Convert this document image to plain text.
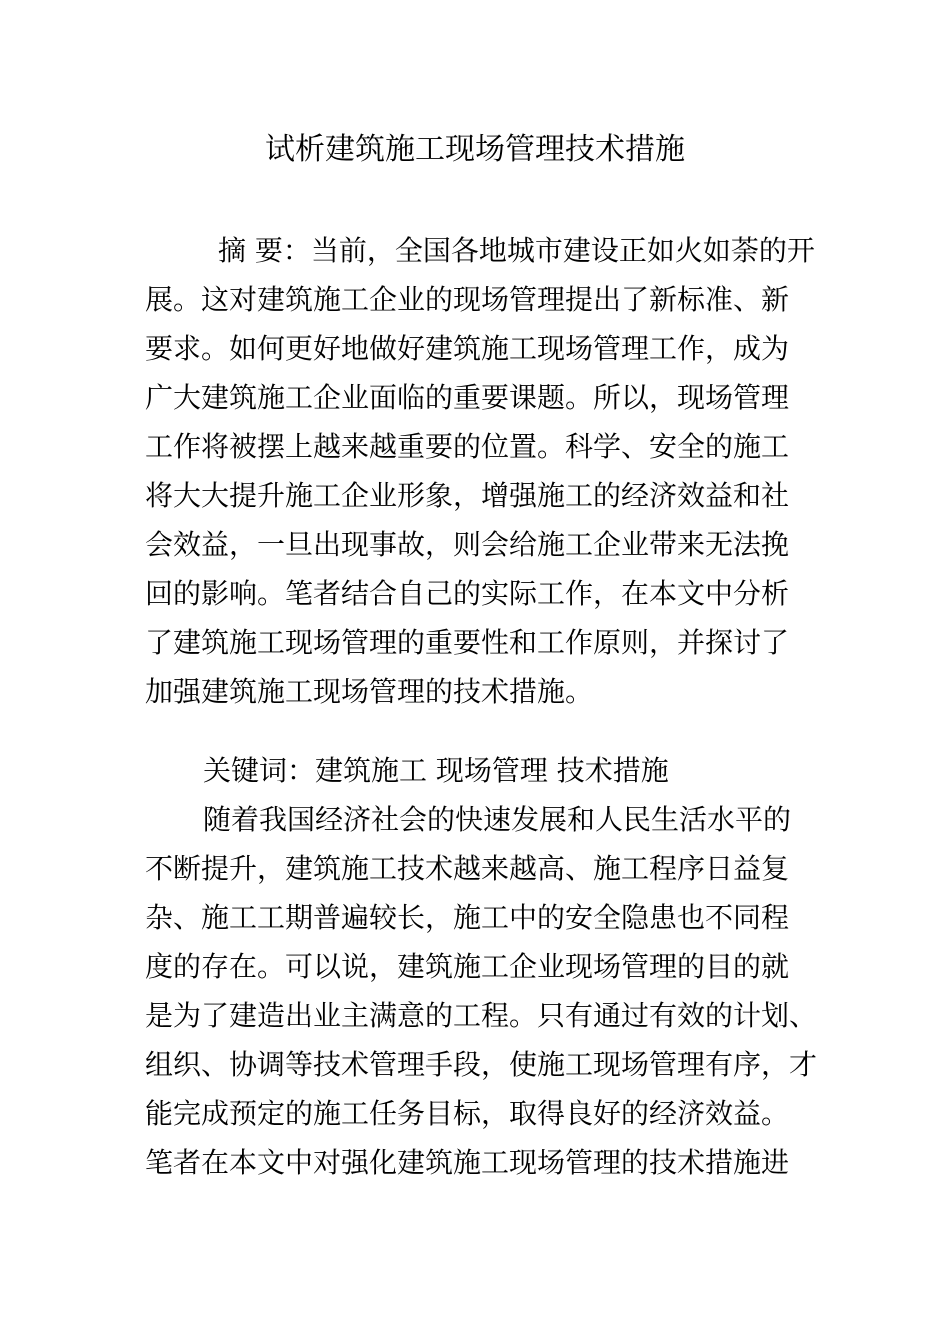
试析建筑施工现场管理技术措施

摘 要：当前，全国各地城市建设正如火如荼的开

展。这对建筑施工企业的现场管理提出了新标准、新

要求。如何更好地做好建筑施工现场管理工作，成为

广大建筑施工企业面临的重要课题。所以，现场管理

工作将被摆上越来越重要的位置。科学、安全的施工

将大大提升施工企业形象，增强施工的经济效益和社

会效益，一旦出现事故，则会给施工企业带来无法挽

回的影响。笔者结合自己的实际工作，在本文中分析

了建筑施工现场管理的重要性和工作原则，并探讨了

加强建筑施工现场管理的技术措施。

关键词：建筑施工 现场管理 技术措施

随着我国经济社会的快速发展和人民生活水平的

不断提升，建筑施工技术越来越高、施工程序日益复

杂、施工工期普遍较长，施工中的安全隐患也不同程

度的存在。可以说，建筑施工企业现场管理的目的就

是为了建造出业主满意的工程。只有通过有效的计划、

组织、协调等技术管理手段，使施工现场管理有序，才

能完成预定的施工任务目标，取得良好的经济效益。

笔者在本文中对强化建筑施工现场管理的技术措施进
